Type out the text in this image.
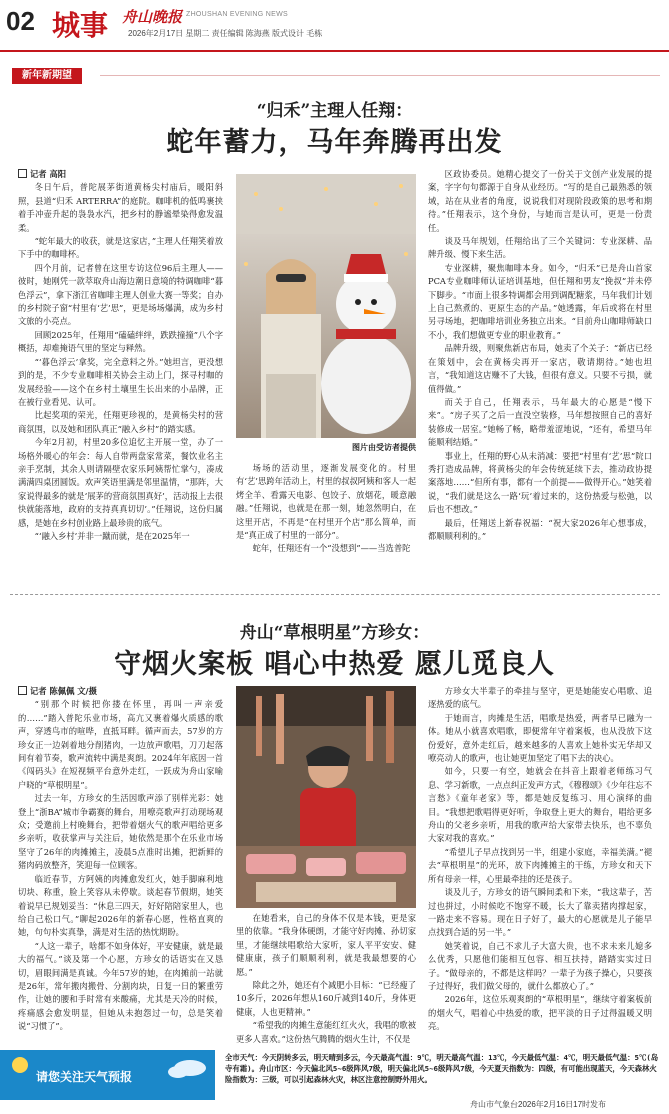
02 城事 舟山晚报 ZHOUSHAN EVENING NEWS
2026年2月17日 星期二 责任编辑 陈海燕 版式设计 毛栋
新年新期望
“归禾”主理人任翔：
蛇年蓄力，马年奔腾再出发
记者 高阳

冬日午后，普陀展茅街道黄杨尖村庙后，暖阳斜照，县道“归禾 ARTERRA”的庭院。咖啡机的低鸣裹挟着手冲壶升起的袅袅水汽，把乡村的静谧晕染得愈发温柔。

“蛇年最大的收获，就是这家店，”主理人任翔笑着放下手中的咖啡杯。

四个月前，记者曾在这里专访这位96后主理人——彼时，她刚凭一款萃取舟山海边潮日意境的特调咖啡“暮色浮云”，拿下浙江省咖啡主理人创业大赛一等奖；自办的乡村院子窗“村里有‘艺’思”，更是场场爆满，成为乡村文旅的小亮点。

回顾2025年，任翔用“磕磕绊绊，跌跌撞撞”八个字概括，却难掩语气里的坚定与释然。

“‘暮色浮云’拿奖，完全意料之外。”她坦言，更没想到的是，不少专业咖啡相关协会主动上门，探寻村咖的发展经验——这个在乡村土壤里生长出来的小品牌，正在被行业看见、认可。

比起奖项的荣光，任翔更珍视的，是黄杨尖村的营商氛围，以及她和团队真正“融入乡村”的踏实感。

今年2月初，村里20多位追忆主开展一堂，办了一场格外暖心的年会：每人自带两盘家常菜，餐饮业名主亲手烹制，其余人则请隔壁农家乐阿姨帮忙掌勺，凑成满满四桌团圆饭。欢声笑语里满是邻里温情，“那阵，大家说得最多的就是‘展茅的营商氛围真好’，活动报上去很快就能落地，政府的支持真真切切’。”任翔说，这份归属感，是她在乡村创业路上最珍贵的底气。

“‘融入乡村’并非一蹴而就，是在2025年一

图片由受访者提供

场场的活动里，逐渐发展变化的。村里有‘艺’思跨年活动上，村里的叔叔阿姨和客人一起烤全羊、看露天电影、包饺子、放烟花，暖意融融。”任翔说，也就是在那一刻，她忽然明白，在这里开店，不再是“在村里开个店”那么简单，而是“真正成了村里的一部分”。

蛇年，任翔还有一个“没想到”——当选普陀

区政协委员。她精心提交了一份关于文创产业发展的提案，字字句句都源于自身从业经历。“写的是自己最熟悉的领域，站在从业者的角度，说说我们对现阶段政策的思考和期待。”任翔表示，这个身份，与她而言是认可，更是一份责任。

谈及马年规划，任翔给出了三个关键词：专业深耕、品牌升级、慢下来生活。

专业深耕，聚焦咖啡本身。如今，“归禾”已是舟山首家PCA专业咖啡师认证培训基地，但任翔和男友“挽叔”并未停下脚步。“市面上很多特调都会用到调配糖浆，马年我们计划上自己熬煮的、更原生态的产品。”她透露，年后或将在村里另寻场地，把咖啡培训业务独立出来。“目前舟山咖啡师缺口不小，我们想做更专业的职业教育。”

品牌升级，则聚焦新店布局，她卖了个关子：“新店已经在策划中，会在黄杨尖再开一家店，敬请期待。”她也坦言，“我知道这店赚不了大钱，但很有意义。只要不亏损，就值得做。”

而关于自己，任翔表示，马年最大的心愿是“慢下来”。“房子买了之后一直没空装修，马年想按照自己的喜好装修成一居室。”她畅了畅，略带羞涩地说，“还有，希望马年能顺利结婚。”

事业上，任翔的野心从未消减：要把“村里有‘艺’思”院口秀打造成品牌，将黄杨尖的年会传统延续下去，推动政协提案落地……“但所有事，都有一个前提——做得开心。”她笑着说，“我们就是这么一路‘玩’着过来的，这份热爱与松弛，以后也不想改。”

最后，任翔送上新春祝福：“祝大家2026年心想事成，都顺顺利利的。”

舟山“草根明星”方珍女：
守烟火案板 唱心中热爱 愿儿觅良人
记者 陈佩佩 文/摄

“别那个时候把你搂在怀里，再叫一声亲爱的……”踏入普陀乐业市场，高亢又裹着爆火质感的歌声，穿透鸟市的喧哗，直抵耳畔。循声而去，57岁的方珍女正一边剁着地分削猪肉，一边放声歌唱，刀刀起落间有着节奏，歌声流转中满是爽朗。2024年年底因一首《闯码头》在短视频平台意外走红，一跃成为舟山家喻户晓的“草根明星”。

过去一年，方珍女的生活因歌声添了别样光彩：她登上“浙BA”城市争霸赛的舞台，用嘹亮歌声打动现场观众；受邀前上村晚舞台，把带着烟火气的歌声唱给更多乡亲听，收获掌声与关注后，她依然是那个在乐业市场坚守了26年的肉摊摊主，凌晨5点准时出摊，把新鲜的猪肉码放整齐，笑迎每一位顾客。

临近春节，方阿姨的肉摊愈发红火，她手脚麻利地切块、称重，脸上笑容从未停歇。谈起春节假期，她笑着说早已规划妥当：“休息三四天，好好陪陪家里人，也给自己松口气。”聊起2026年的新春心愿，性格直爽的她，句句朴实真挚，满是对生活的热忱期盼。

“人这一辈子，啥都不如身体好，平安健康，就是最大的福气。”谈及第一个心愿，方珍女的话语实在又恳切，眉眼间满是真诚。今年57岁的她，在肉摊前一站就是26年，常年搬肉搬骨、分割肉块，日复一日的繁重劳作，让她的腰和手时常有来酸痛，尤其是天冷的时候，疼痛感会愈发明显，但她从未抱怨过一句，总是笑着说“习惯了”。

在她看来，自己的身体不仅是本钱，更是家里的依靠。“我身体硬朗，才能守好肉摊、孙切家里，才能继续唱歌给大家听，家人平平安安、健健康康，孩子们顺顺利利，就是我最想要的心愿。”

除此之外，她还有个减肥小目标：“已经瘦了10多斤，2026年想从160斤减到140斤，身体更健康，人也更精神。”

“希望我的肉摊生意能红红火火，我唱的歌被更多人喜欢。”这份热气腾腾的烟火生计，不仅是

方珍女大半辈子的牵挂与坚守，更是她能安心唱歌、追逐热爱的底气。

于她而言，肉摊是生活，唱歌是热爱，两者早已融为一体。她从小就喜欢唱歌，即便常年守着案板，也从没放下这份爱好，意外走红后，越来越多的人喜欢上她朴实无华却又嘹亮动人的歌声，也让她更加坚定了唱下去的决心。

如今，只要一有空，她就会在抖音上跟着老师练习气息、学习新歌，一点点纠正发声方式，《穆穆颂》《少年往忘不言愁》《童年老家》等，都是她反复练习、用心演绎的曲目。“我想把歌唱得更好听，争取登上更大的舞台，唱给更多舟山的父老乡亲听，用我的歌声给大家带去快乐，也不辜负大家对我的喜欢。”

“希望儿子早点找到另一半，组建小家庭，幸福美满。”褪去“草根明星”的光环，放下肉摊摊主的干练，方珍女和天下所有母亲一样，心里最牵挂的还是孩子。

谈及儿子，方珍女的语气瞬间柔和下来，“我这辈子，苦过也拼过，小时候吃不饱穿不暖，长大了靠卖猪肉撑起家，一路走来不容易。现在日子好了，最大的心愿就是儿子能早点找到合适的另一半。”

她笑着说，自己不求儿子大富大贵，也不求未来儿媳多么优秀，只愿他们能相互包容、相互扶持，踏踏实实过日子。“做母亲的，不都是这样吗？一辈子为孩子操心，只要孩子过得好，我们做父母的，就什么都放心了。”

2026年，这位乐观爽朗的“草根明星”，继续守着案板前的烟火气，唱着心中热爱的歌，把平淡的日子过得温暖又明亮。

请您关注天气预报
全市天气：今天阴转多云，明天晴到多云，今天最高气温：9℃，明天最高气温：13℃，今天最低气温：4℃，明天最低气温：5℃(岛寺有霜)。舟山市区：今天偏北风5~6级阵风7级，明天偏北风5~6级阵风7级，今天夏天指数为：四级，有可能出现蓝天，今天森林火险指数为：三级，可以引起森林火灾，林区注意控制野外用火。
舟山市气象台2026年2月16日17时发布
